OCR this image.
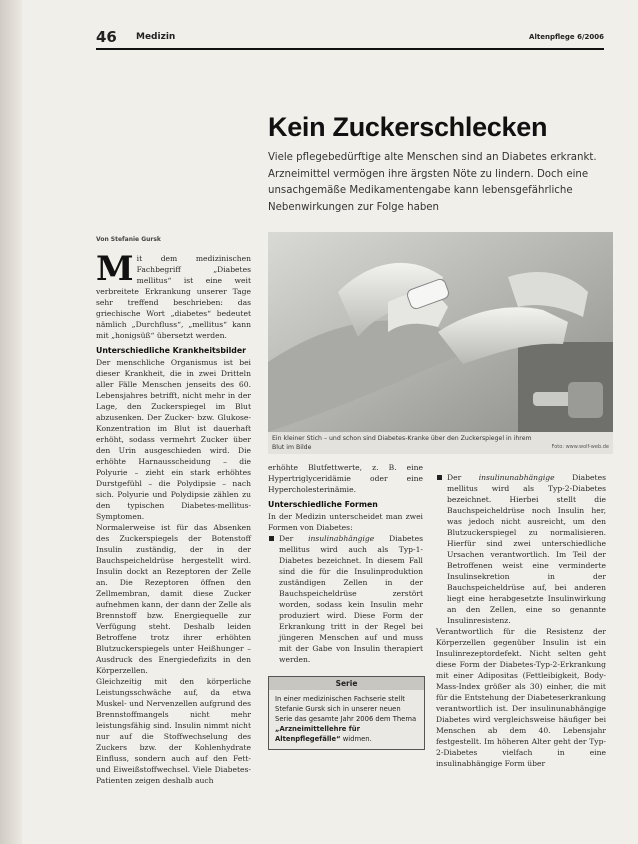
46 Medizin	Altenpflege 6/2006
Kein Zuckerschlecken
Viele pflegebedürftige alte Menschen sind an Diabetes erkrankt. Arzneimittel vermögen ihre ärgsten Nöte zu lindern. Doch eine unsachgemäße Medikamentengabe kann lebensgefährliche Nebenwirkungen zur Folge haben
Von Stefanie Gursk

Mit dem medizinischen Fachbegriff „Diabetes mellitus“ ist eine weit verbreitete Erkrankung unserer Tage sehr treffend beschrieben: das griechische Wort „diabetes“ bedeutet nämlich „Durchfluss“, „mellitus“ kann mit „honigsüß“ übersetzt werden.

Unterschiedliche Krankheitsbilder

Der menschliche Organismus ist bei dieser Krankheit, die in zwei Dritteln aller Fälle Menschen jenseits des 60. Lebensjahres betrifft, nicht mehr in der Lage, den Zuckerspiegel im Blut abzusenken. Der Zucker- bzw. Glukose-Konzentration im Blut ist dauerhaft erhöht, sodass vermehrt Zucker über den Urin ausgeschieden wird. Die erhöhte Harnausscheidung – die Polyurie – zieht ein stark erhöhtes Durstgefühl – die Polydipsie – nach sich. Polyurie und Polydipsie zählen zu den typischen Diabetes-mellitus-Symptomen.

Normalerweise ist für das Absenken des Zuckerspiegels der Botenstoff Insulin zuständig, der in der Bauchspeicheldrüse hergestellt wird. Insulin dockt an Rezeptoren der Zelle an. Die Rezeptoren öffnen den Zellmembran, damit diese Zucker aufnehmen kann, der dann der Zelle als Brennstoff bzw. Energiequelle zur Verfügung steht. Deshalb leiden Betroffene trotz ihrer erhöhten Blutzuckerspiegels unter Heißhunger – Ausdruck des Energiedefizits in den Körperzellen.

Gleichzeitig mit den körperliche Leistungsschwäche auf, da etwa Muskel- und Nervenzellen aufgrund des Brennstoffmangels nicht mehr leistungsfähig sind. Insulin nimmt nicht nur auf die Stoffwechselung des Zuckers bzw. der Kohlenhydrate Einfluss, sondern auch auf den Fett- und Eiweißstoffwechsel. Viele Diabetes-Patienten zeigen deshalb auch

Ein kleiner Stich – und schon sind Diabetes-Kranke über den Zuckerspiegel in ihrem Blut im Bilde	Foto: www.wolf-web.de

erhöhte Blutfettwerte, z. B. eine Hypertriglyceridämie oder eine Hypercholesterinämie.

Unterschiedliche Formen

In der Medizin unterscheidet man zwei Formen von Diabetes:

Der insulinabhängige Diabetes mellitus wird auch als Typ-1-Diabetes bezeichnet. In diesem Fall sind die für die Insulinproduktion zuständigen Zellen in der Bauchspeicheldrüse zerstört worden, sodass kein Insulin mehr produziert wird. Diese Form der Erkrankung tritt in der Regel bei jüngeren Menschen auf und muss mit der Gabe von Insulin therapiert werden.

Serie
In einer medizinischen Fachserie stellt Stefanie Gursk sich in unserer neuen Serie das gesamte Jahr 2006 dem Thema „Arzneimittellehre für Altenpflegefälle“ widmen.

Der insulinunabhängige Diabetes mellitus wird als Typ-2-Diabetes bezeichnet. Hierbei stellt die Bauchspeicheldrüse noch Insulin her, was jedoch nicht ausreicht, um den Blutzuckerspiegel zu normalisieren. Hierfür sind zwei unterschiedliche Ursachen verantwortlich. Im Teil der Betroffenen weist eine verminderte Insulinsekretion in der Bauchspeicheldrüse auf, bei anderen liegt eine herabgesetzte Insulinwirkung an den Zellen, eine so genannte Insulinresistenz.

Verantwortlich für die Resistenz der Körperzellen gegenüber Insulin ist ein Insulinrezeptordefekt. Nicht selten geht diese Form der Diabetes-Typ-2-Erkrankung mit einer Adipositas (Fettleibigkeit, Body-Mass-Index größer als 30) einher, die mit für die Entstehung der Diabeteserkrankung verantwortlich ist. Der insulinunabhängige Diabetes wird vergleichsweise häufiger bei Menschen ab dem 40. Lebensjahr festgestellt. Im höheren Alter geht der Typ-2-Diabetes vielfach in eine insulinabhängige Form über
